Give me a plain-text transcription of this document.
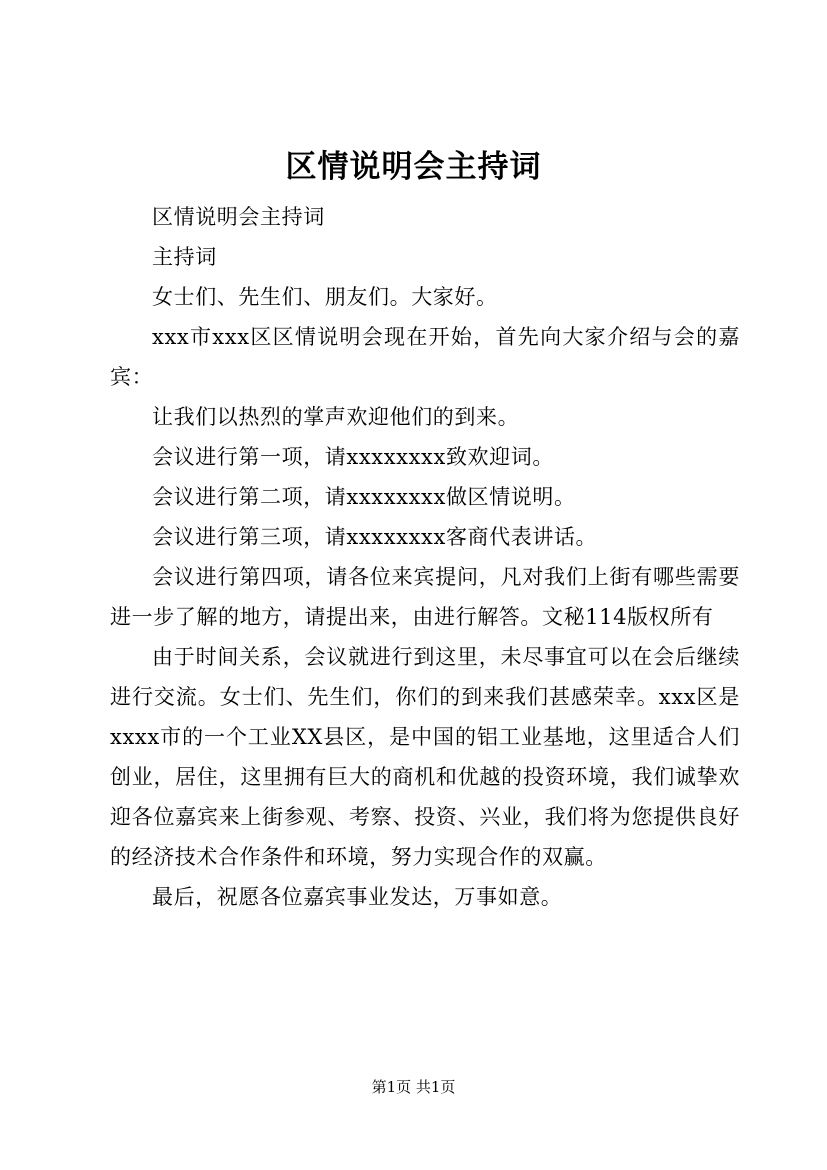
区情说明会主持词

区情说明会主持词

主持词

女士们、先生们、朋友们。大家好。

xxx市xxx区区情说明会现在开始，首先向大家介绍与会的嘉宾：

让我们以热烈的掌声欢迎他们的到来。

会议进行第一项，请xxxxxxxx致欢迎词。

会议进行第二项，请xxxxxxxx做区情说明。

会议进行第三项，请xxxxxxxx客商代表讲话。

会议进行第四项，请各位来宾提问，凡对我们上街有哪些需要进一步了解的地方，请提出来，由进行解答。文秘114版权所有

由于时间关系，会议就进行到这里，未尽事宜可以在会后继续进行交流。女士们、先生们，你们的到来我们甚感荣幸。xxx区是xxxx市的一个工业XX县区，是中国的铝工业基地，这里适合人们创业，居住，这里拥有巨大的商机和优越的投资环境，我们诚挚欢迎各位嘉宾来上街参观、考察、投资、兴业，我们将为您提供良好的经济技术合作条件和环境，努力实现合作的双赢。

最后，祝愿各位嘉宾事业发达，万事如意。

第1页 共1页
